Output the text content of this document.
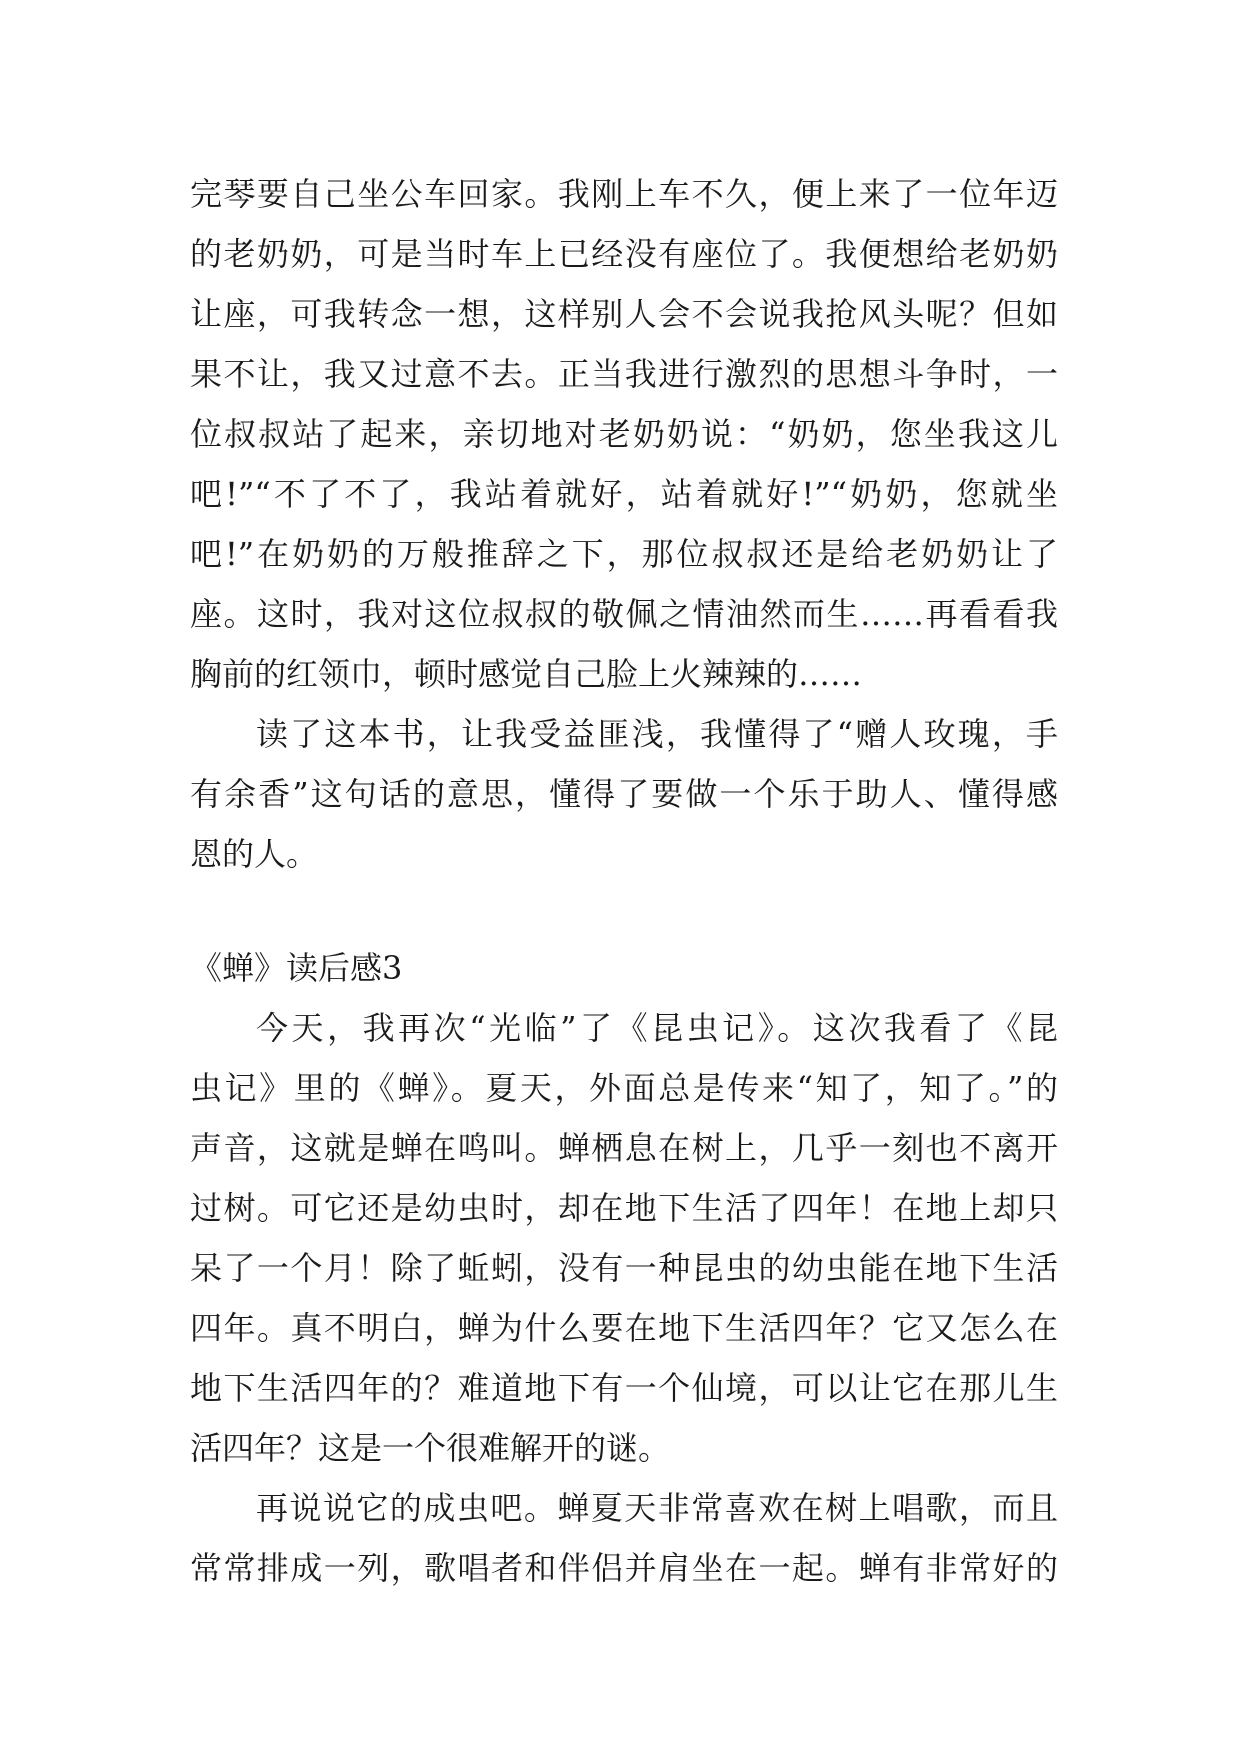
完琴要自己坐公车回家。我刚上车不久，便上来了一位年迈
的老奶奶，可是当时车上已经没有座位了。我便想给老奶奶
让座，可我转念一想，这样别人会不会说我抢风头呢？但如
果不让，我又过意不去。正当我进行激烈的思想斗争时，一
位叔叔站了起来，亲切地对老奶奶说：“奶奶，您坐我这儿
吧!”“不了不了，我站着就好，站着就好!”“奶奶，您就坐
吧!”在奶奶的万般推辞之下，那位叔叔还是给老奶奶让了
座。这时，我对这位叔叔的敬佩之情油然而生……再看看我
胸前的红领巾，顿时感觉自己脸上火辣辣的……
读了这本书，让我受益匪浅，我懂得了“赠人玫瑰，手
有余香”这句话的意思，懂得了要做一个乐于助人、懂得感
恩的人。
《蝉》读后感3
今天，我再次“光临”了《昆虫记》。这次我看了《昆
虫记》里的《蝉》。夏天，外面总是传来“知了，知了。”的
声音，这就是蝉在鸣叫。蝉栖息在树上，几乎一刻也不离开
过树。可它还是幼虫时，却在地下生活了四年！在地上却只
呆了一个月！除了蚯蚓，没有一种昆虫的幼虫能在地下生活
四年。真不明白，蝉为什么要在地下生活四年？它又怎么在
地下生活四年的？难道地下有一个仙境，可以让它在那儿生
活四年？这是一个很难解开的谜。
再说说它的成虫吧。蝉夏天非常喜欢在树上唱歌，而且
常常排成一列，歌唱者和伴侣并肩坐在一起。蝉有非常好的
